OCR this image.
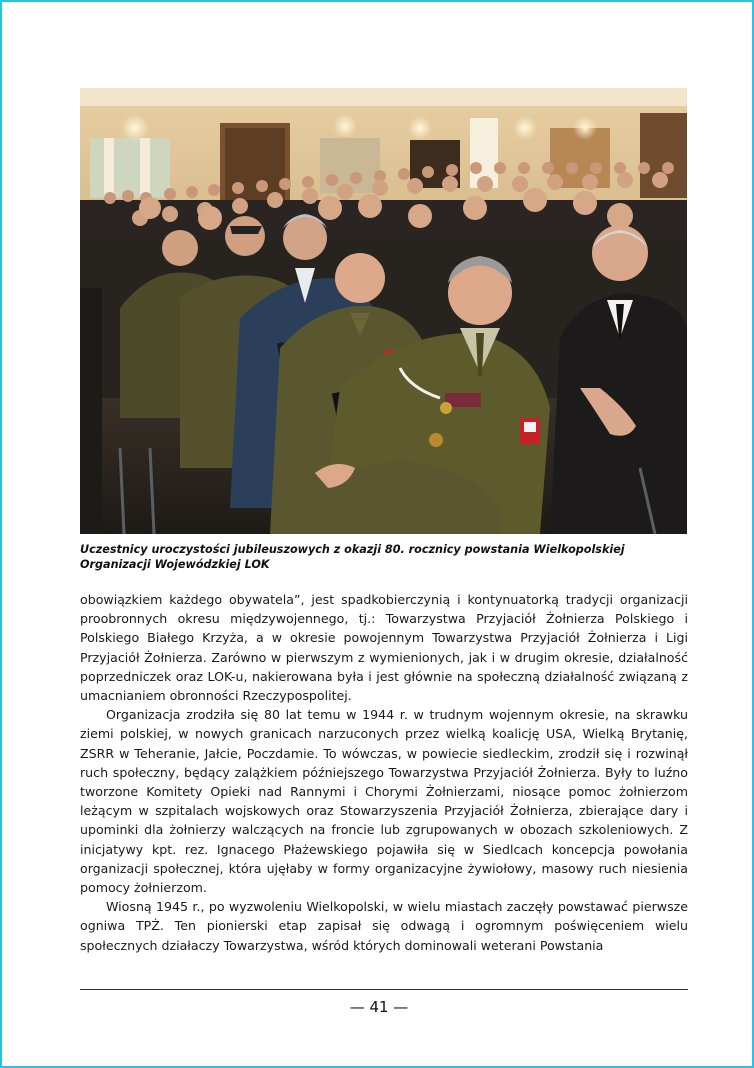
Uczestnicy uroczystości jubileuszowych z okazji 80. rocznicy powstania Wielkopolskiej Organizacji Wojewódzkiej LOK

obowiązkiem każdego obywatela”, jest spadkobierczynią i kontynuatorką tradycji organizacji proobronnych okresu międzywojennego, tj.: Towarzystwa Przyjaciół Żołnierza Polskiego i Polskiego Białego Krzyża, a w okresie powojennym Towarzystwa Przyjaciół Żołnierza i Ligi Przyjaciół Żołnierza. Zarówno w pierwszym z wymienionych, jak i w drugim okresie, działalność poprzedniczek oraz LOK-u, nakierowana była i jest głównie na społeczną działalność związaną z umacnianiem obronności Rzeczypospolitej.

Organizacja zrodziła się 80 lat temu w 1944 r. w trudnym wojennym okresie, na skrawku ziemi polskiej, w nowych granicach narzuconych przez wielką koalicję USA, Wielką Brytanię, ZSRR w Teheranie, Jałcie, Poczdamie. To wówczas, w powiecie siedleckim, zrodził się i rozwinął ruch społeczny, będący zalążkiem późniejszego Towarzystwa Przyjaciół Żołnierza. Były to luźno tworzone Komitety Opieki nad Rannymi i Chorymi Żołnierzami, niosące pomoc żołnierzom leżącym w szpitalach wojskowych oraz Stowarzyszenia Przyjaciół Żołnierza, zbierające dary i upominki dla żołnierzy walczących na froncie lub zgrupowanych w obozach szkoleniowych. Z inicjatywy kpt. rez. Ignacego Płażewskiego pojawiła się w Siedlcach koncepcja powołania organizacji społecznej, która ujęłaby w formy organizacyjne żywiołowy, masowy ruch niesienia pomocy żołnierzom.

Wiosną 1945 r., po wyzwoleniu Wielkopolski, w wielu miastach zaczęły powstawać pierwsze ogniwa TPŻ. Ten pionierski etap zapisał się odwagą i ogromnym poświęceniem wielu społecznych działaczy Towarzystwa, wśród których dominowali weterani Powstania

— 41 —
